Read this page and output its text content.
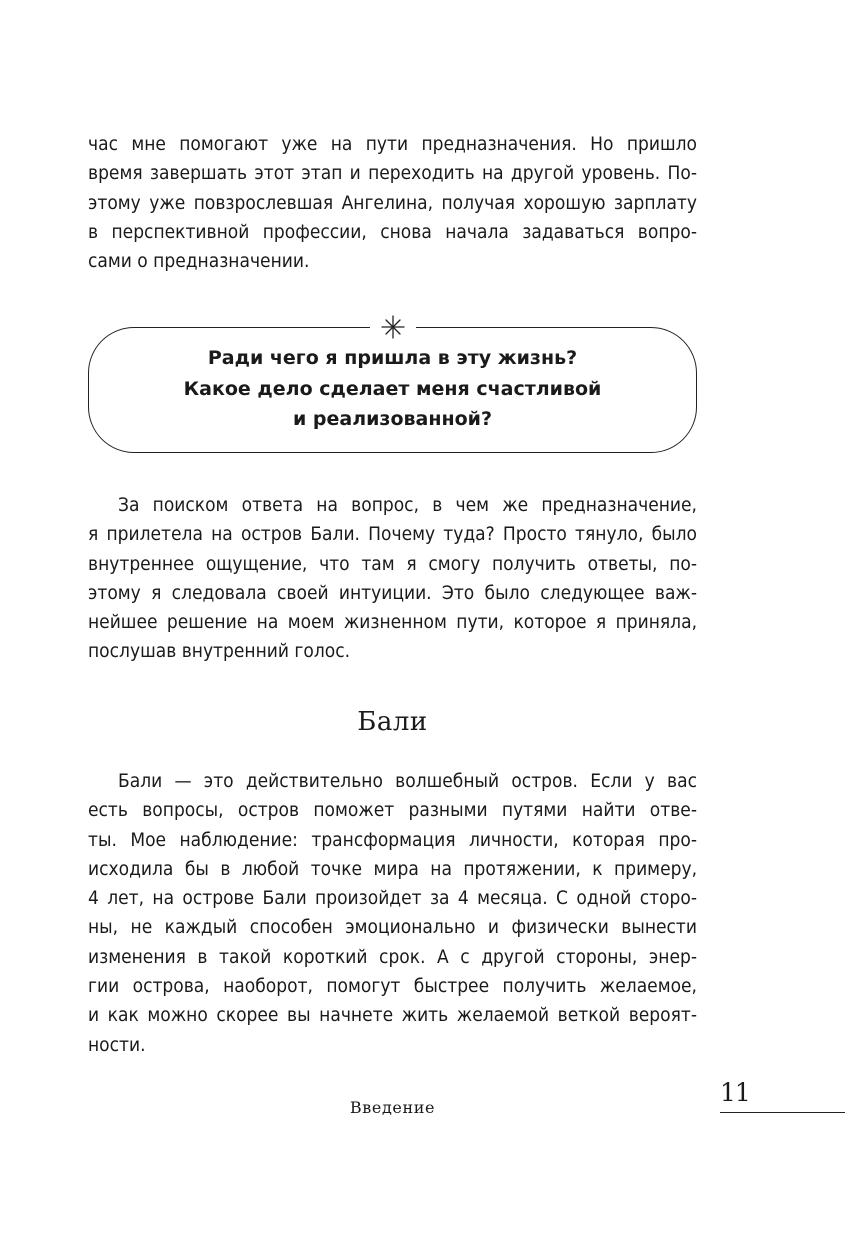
час мне помогают уже на пути предназначения. Но пришло
время завершать этот этап и переходить на другой уровень. По-
этому уже повзрослевшая Ангелина, получая хорошую зарплату
в перспективной профессии, снова начала задаваться вопро-
сами о предназначении.
Ради чего я пришла в эту жизнь?
Какое дело сделает меня счастливой
и реализованной?
За поиском ответа на вопрос, в чем же предназначение,
я прилетела на остров Бали. Почему туда? Просто тянуло, было
внутреннее ощущение, что там я смогу получить ответы, по-
этому я следовала своей интуиции. Это было следующее важ-
нейшее решение на моем жизненном пути, которое я приняла,
послушав внутренний голос.
Бали
Бали — это действительно волшебный остров. Если у вас
есть вопросы, остров поможет разными путями найти отве-
ты. Мое наблюдение: трансформация личности, которая про-
исходила бы в любой точке мира на протяжении, к примеру,
4 лет, на острове Бали произойдет за 4 месяца. С одной сторо-
ны, не каждый способен эмоционально и физически вынести
изменения в такой короткий срок. А с другой стороны, энер-
гии острова, наоборот, помогут быстрее получить желаемое,
и как можно скорее вы начнете жить желаемой веткой вероят-
ности.
Введение
11
